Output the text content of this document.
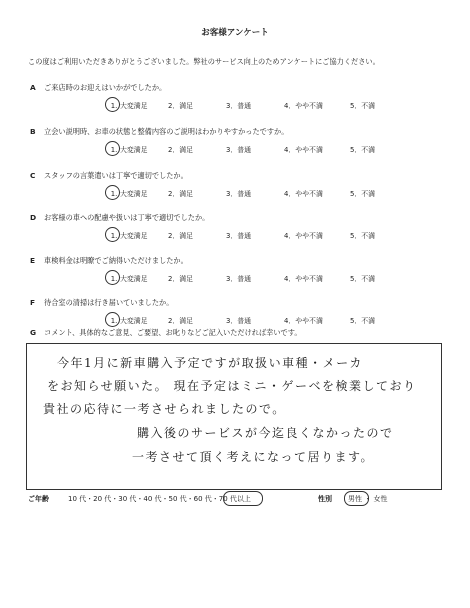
お客様アンケート
この度はご利用いただきありがとうございました。弊社のサービス向上のためアンケートにご協力ください。
A ご来店時のお迎えはいかがでしたか。
1. 大変満足	2．満足	3．普通	4．やや不満	5．不満
B 立会い説明時、お車の状態と整備内容のご説明はわかりやすかったですか。
1. 大変満足	2．満足	3．普通	4．やや不満	5．不満
C スタッフの言葉遣いは丁寧で適切でしたか。
1. 大変満足	2．満足	3．普通	4．やや不満	5．不満
D お客様の車への配慮や扱いは丁寧で適切でしたか。
1. 大変満足	2．満足	3．普通	4．やや不満	5．不満
E 車検料金は明瞭でご納得いただけましたか。
1. 大変満足	2．満足	3．普通	4．やや不満	5．不満
F 待合室の清掃は行き届いていましたか。
1. 大変満足	2．満足	3．普通	4．やや不満	5．不満
G コメント、具体的なご意見、ご要望、お叱りなどご記入いただければ幸いです。
今年1月に新車購入予定ですが取扱い車種・メーカ
をお知らせ願いた。 現在予定はミニ・ゲーベを検業しており
貴社の応待に一考させられましたので。
購入後のサービスが今迄良くなかったので
一考させて頂く考えになって居ります。
ご年齢	10 代・20 代・30 代・40 代・50 代・60 代・70 代以上	性別 男性 ・ 女性
